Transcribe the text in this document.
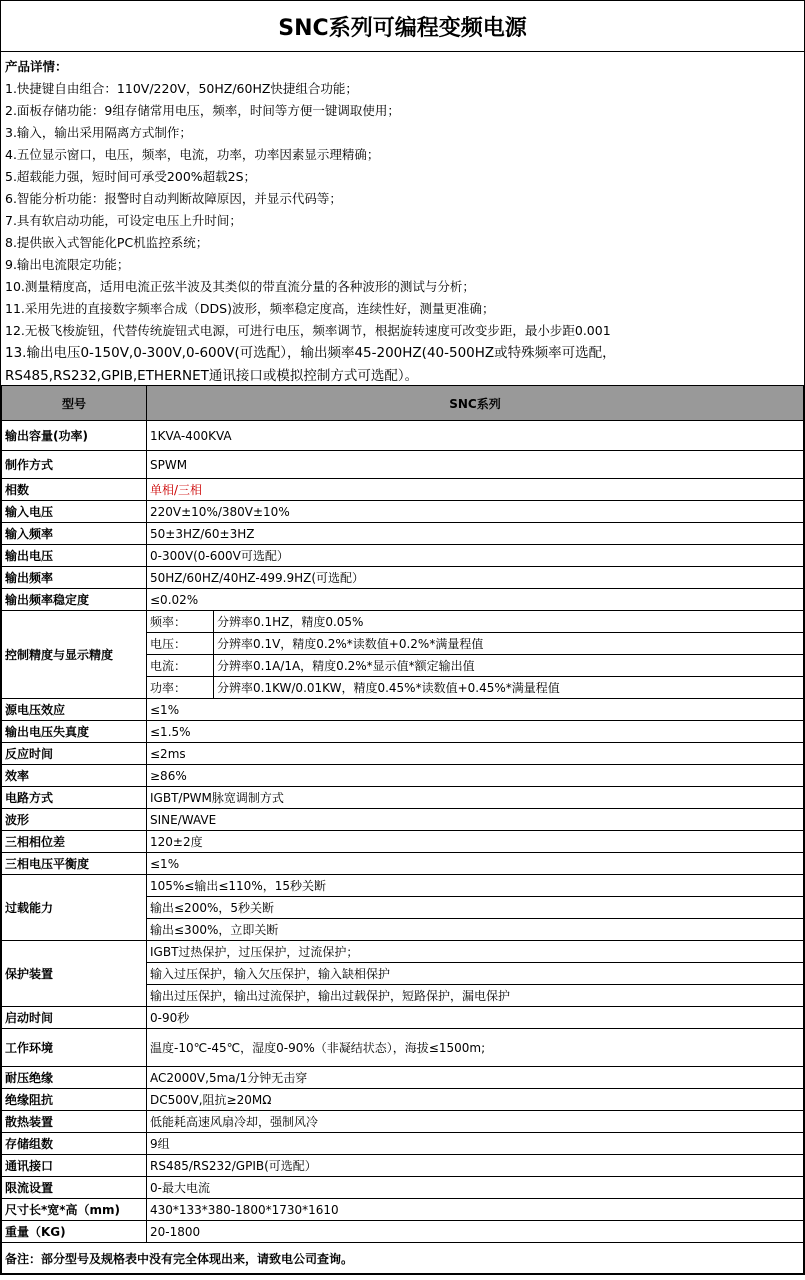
SNC系列可编程变频电源
产品详情：
1.快捷键自由组合：110V/220V，50HZ/60HZ快捷组合功能；
2.面板存储功能：9组存储常用电压，频率，时间等方便一键调取使用；
3.输入，输出采用隔离方式制作；
4.五位显示窗口，电压，频率，电流，功率，功率因素显示理精确；
5.超载能力强，短时间可承受200%超载2S；
6.智能分析功能：报警时自动判断故障原因，并显示代码等；
7.具有软启动功能，可设定电压上升时间；
8.提供嵌入式智能化PC机监控系统；
9.输出电流限定功能；
10.测量精度高，适用电流正弦半波及其类似的带直流分量的各种波形的测试与分析；
11.采用先进的直接数字频率合成（DDS)波形，频率稳定度高，连续性好，测量更准确；
12.无极飞梭旋钮，代替传统旋钮式电源，可进行电压，频率调节，根据旋转速度可改变步距，最小步距0.001
13.输出电压0-150V,0-300V,0-600V(可选配），输出频率45-200HZ(40-500HZ或特殊频率可选配，RS485,RS232,GPIB,ETHERNET通讯接口或模拟控制方式可选配）。
型号	SNC系列
输出容量(功率)	1KVA-400KVA
制作方式	SPWM
相数	单相/三相
输入电压	220V±10%/380V±10%
输入频率	50±3HZ/60±3HZ
输出电压	0-300V(0-600V可选配）
输出频率	50HZ/60HZ/40HZ-499.9HZ(可选配）
输出频率稳定度	≤0.02%
控制精度与显示精度	
频率：	分辨率0.1HZ，精度0.05%
电压：	分辨率0.1V，精度0.2%*读数值+0.2%*满量程值
电流：	分辨率0.1A/1A，精度0.2%*显示值*额定输出值
功率：	分辨率0.1KW/0.01KW，精度0.45%*读数值+0.45%*满量程值

源电压效应	≤1%
输出电压失真度	≤1.5%
反应时间	≤2ms
效率	≥86%
电路方式	IGBT/PWM脉宽调制方式
波形	SINE/WAVE
三相相位差	120±2度
三相电压平衡度	≤1%
过载能力	
105%≤输出≤110%，15秒关断
输出≤200%，5秒关断
输出≤300%，立即关断

保护装置	
IGBT过热保护，过压保护，过流保护；
输入过压保护，输入欠压保护，输入缺相保护
输出过压保护，输出过流保护，输出过载保护，短路保护，漏电保护

启动时间	0-90秒
工作环境	温度-10℃-45℃，湿度0-90%（非凝结状态），海拔≤1500m;
耐压绝缘	AC2000V,5ma/1分钟无击穿
绝缘阻抗	DC500V,阻抗≥20MΩ
散热装置	低能耗高速风扇冷却，强制风冷
存储组数	9组
通讯接口	RS485/RS232/GPIB(可选配）
限流设置	0-最大电流
尺寸长*宽*高（mm)	430*133*380-1800*1730*1610
重量（KG)	20-1800
备注：部分型号及规格表中没有完全体现出来，请致电公司查询。
